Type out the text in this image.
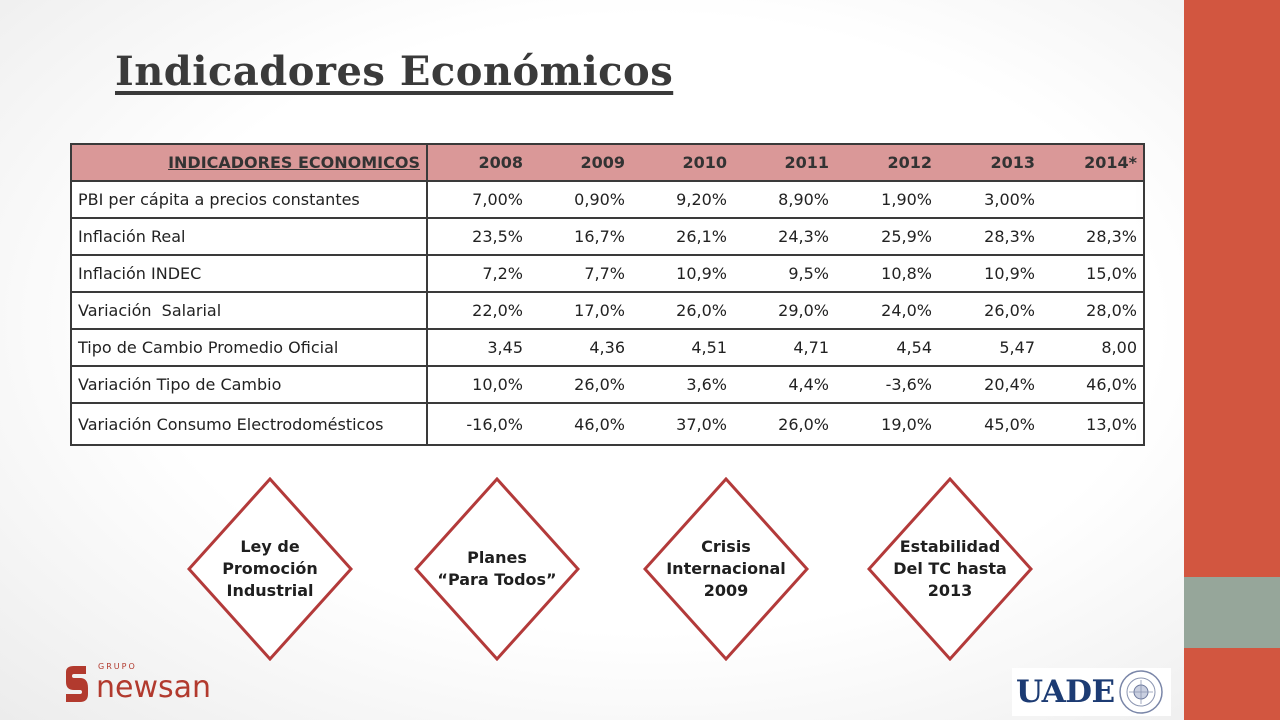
Indicadores Económicos
INDICADORES ECONOMICOS	2008	2009	2010	2011	2012	2013	2014*
PBI per cápita a precios constantes	7,00%	0,90%	9,20%	8,90%	1,90%	3,00%	
Inflación Real	23,5%	16,7%	26,1%	24,3%	25,9%	28,3%	28,3%
Inflación INDEC	7,2%	7,7%	10,9%	9,5%	10,8%	10,9%	15,0%
Variación  Salarial	22,0%	17,0%	26,0%	29,0%	24,0%	26,0%	28,0%
Tipo de Cambio Promedio Oficial	3,45	4,36	4,51	4,71	4,54	5,47	8,00
Variación Tipo de Cambio	10,0%	26,0%	3,6%	4,4%	-3,6%	20,4%	46,0%
Variación Consumo Electrodomésticos	-16,0%	46,0%	37,0%	26,0%	19,0%	45,0%	13,0%
Ley de
Promoción
Industrial
Planes
“Para Todos”
Crisis
Internacional
2009
Estabilidad
Del TC hasta
2013
GRUPO
newsan	UADE
